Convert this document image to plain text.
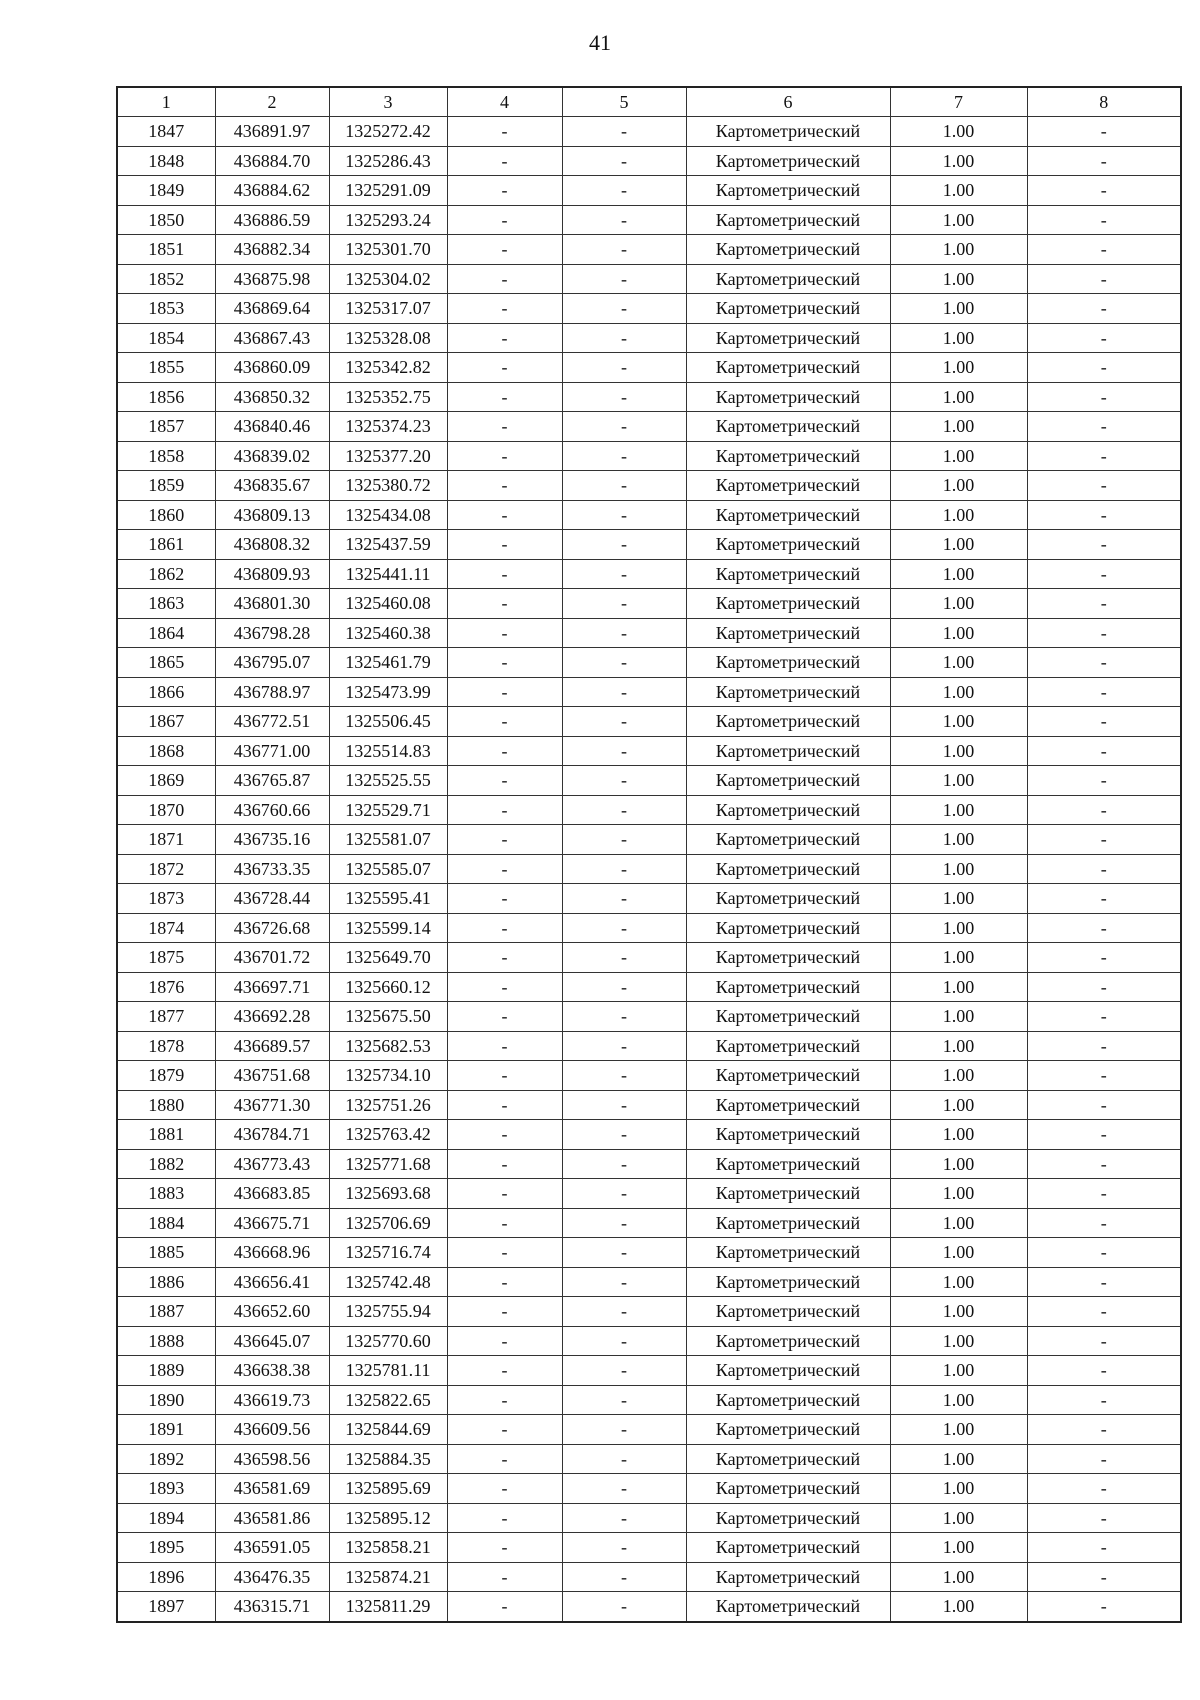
41
1	2	3	4	5	6	7	8
1847	436891.97	1325272.42	-	-	Картометрический	1.00	-
1848	436884.70	1325286.43	-	-	Картометрический	1.00	-
1849	436884.62	1325291.09	-	-	Картометрический	1.00	-
1850	436886.59	1325293.24	-	-	Картометрический	1.00	-
1851	436882.34	1325301.70	-	-	Картометрический	1.00	-
1852	436875.98	1325304.02	-	-	Картометрический	1.00	-
1853	436869.64	1325317.07	-	-	Картометрический	1.00	-
1854	436867.43	1325328.08	-	-	Картометрический	1.00	-
1855	436860.09	1325342.82	-	-	Картометрический	1.00	-
1856	436850.32	1325352.75	-	-	Картометрический	1.00	-
1857	436840.46	1325374.23	-	-	Картометрический	1.00	-
1858	436839.02	1325377.20	-	-	Картометрический	1.00	-
1859	436835.67	1325380.72	-	-	Картометрический	1.00	-
1860	436809.13	1325434.08	-	-	Картометрический	1.00	-
1861	436808.32	1325437.59	-	-	Картометрический	1.00	-
1862	436809.93	1325441.11	-	-	Картометрический	1.00	-
1863	436801.30	1325460.08	-	-	Картометрический	1.00	-
1864	436798.28	1325460.38	-	-	Картометрический	1.00	-
1865	436795.07	1325461.79	-	-	Картометрический	1.00	-
1866	436788.97	1325473.99	-	-	Картометрический	1.00	-
1867	436772.51	1325506.45	-	-	Картометрический	1.00	-
1868	436771.00	1325514.83	-	-	Картометрический	1.00	-
1869	436765.87	1325525.55	-	-	Картометрический	1.00	-
1870	436760.66	1325529.71	-	-	Картометрический	1.00	-
1871	436735.16	1325581.07	-	-	Картометрический	1.00	-
1872	436733.35	1325585.07	-	-	Картометрический	1.00	-
1873	436728.44	1325595.41	-	-	Картометрический	1.00	-
1874	436726.68	1325599.14	-	-	Картометрический	1.00	-
1875	436701.72	1325649.70	-	-	Картометрический	1.00	-
1876	436697.71	1325660.12	-	-	Картометрический	1.00	-
1877	436692.28	1325675.50	-	-	Картометрический	1.00	-
1878	436689.57	1325682.53	-	-	Картометрический	1.00	-
1879	436751.68	1325734.10	-	-	Картометрический	1.00	-
1880	436771.30	1325751.26	-	-	Картометрический	1.00	-
1881	436784.71	1325763.42	-	-	Картометрический	1.00	-
1882	436773.43	1325771.68	-	-	Картометрический	1.00	-
1883	436683.85	1325693.68	-	-	Картометрический	1.00	-
1884	436675.71	1325706.69	-	-	Картометрический	1.00	-
1885	436668.96	1325716.74	-	-	Картометрический	1.00	-
1886	436656.41	1325742.48	-	-	Картометрический	1.00	-
1887	436652.60	1325755.94	-	-	Картометрический	1.00	-
1888	436645.07	1325770.60	-	-	Картометрический	1.00	-
1889	436638.38	1325781.11	-	-	Картометрический	1.00	-
1890	436619.73	1325822.65	-	-	Картометрический	1.00	-
1891	436609.56	1325844.69	-	-	Картометрический	1.00	-
1892	436598.56	1325884.35	-	-	Картометрический	1.00	-
1893	436581.69	1325895.69	-	-	Картометрический	1.00	-
1894	436581.86	1325895.12	-	-	Картометрический	1.00	-
1895	436591.05	1325858.21	-	-	Картометрический	1.00	-
1896	436476.35	1325874.21	-	-	Картометрический	1.00	-
1897	436315.71	1325811.29	-	-	Картометрический	1.00	-
